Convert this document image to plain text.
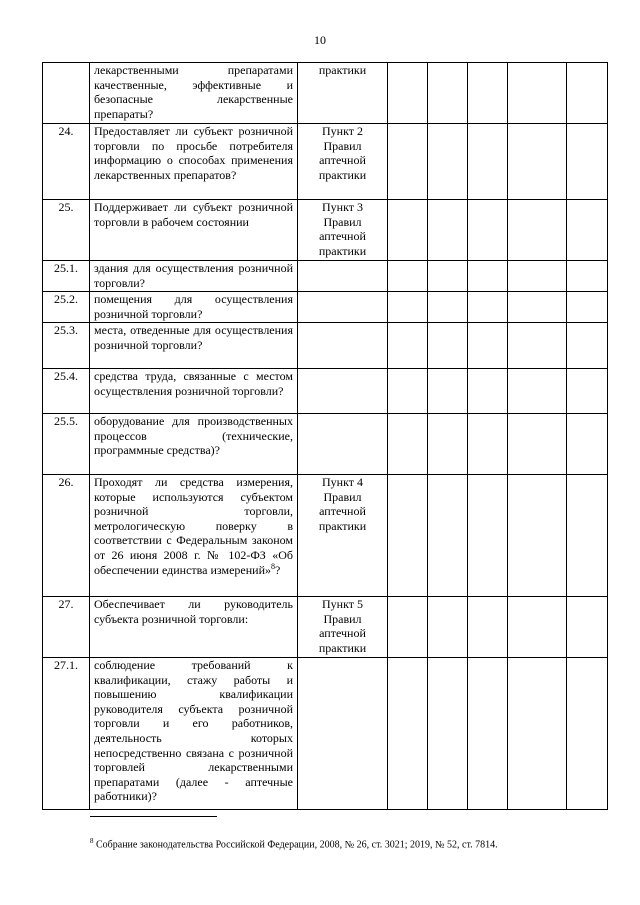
10
	лекарственными препаратами качественные, эффективные и безопасные лекарственные препараты?	практики					
24.	Предоставляет ли субъект розничной торговли по просьбе потребителя информацию о способах применения лекарственных препаратов?	Пункт 2 Правил аптечной практики					
25.	Поддерживает ли субъект розничной торговли в рабочем состоянии	Пункт 3 Правил аптечной практики					
25.1.	здания для осуществления розничной торговли?						
25.2.	помещения для осуществления розничной торговли?						
25.3.	места, отведенные для осуществления розничной торговли?						
25.4.	средства труда, связанные с местом осуществления розничной торговли?						
25.5.	оборудование для производственных процессов (технические, программные средства)?						
26.	Проходят ли средства измерения, которые используются субъектом розничной торговли, метрологическую поверку в соответствии с Федеральным законом от 26 июня 2008 г. № 102-ФЗ «Об обеспечении единства измерений»$^8$?	Пункт 4 Правил аптечной практики					
27.	Обеспечивает ли руководитель субъекта розничной торговли:	Пункт 5 Правил аптечной практики					
27.1.	соблюдение требований к квалификации, стажу работы и повышению квалификации руководителя субъекта розничной торговли и его работников, деятельность которых непосредственно связана с розничной торговлей лекарственными препаратами (далее - аптечные работники)?						
$^8$ Собрание законодательства Российской Федерации, 2008, № 26, ст. 3021; 2019, № 52, ст. 7814.
